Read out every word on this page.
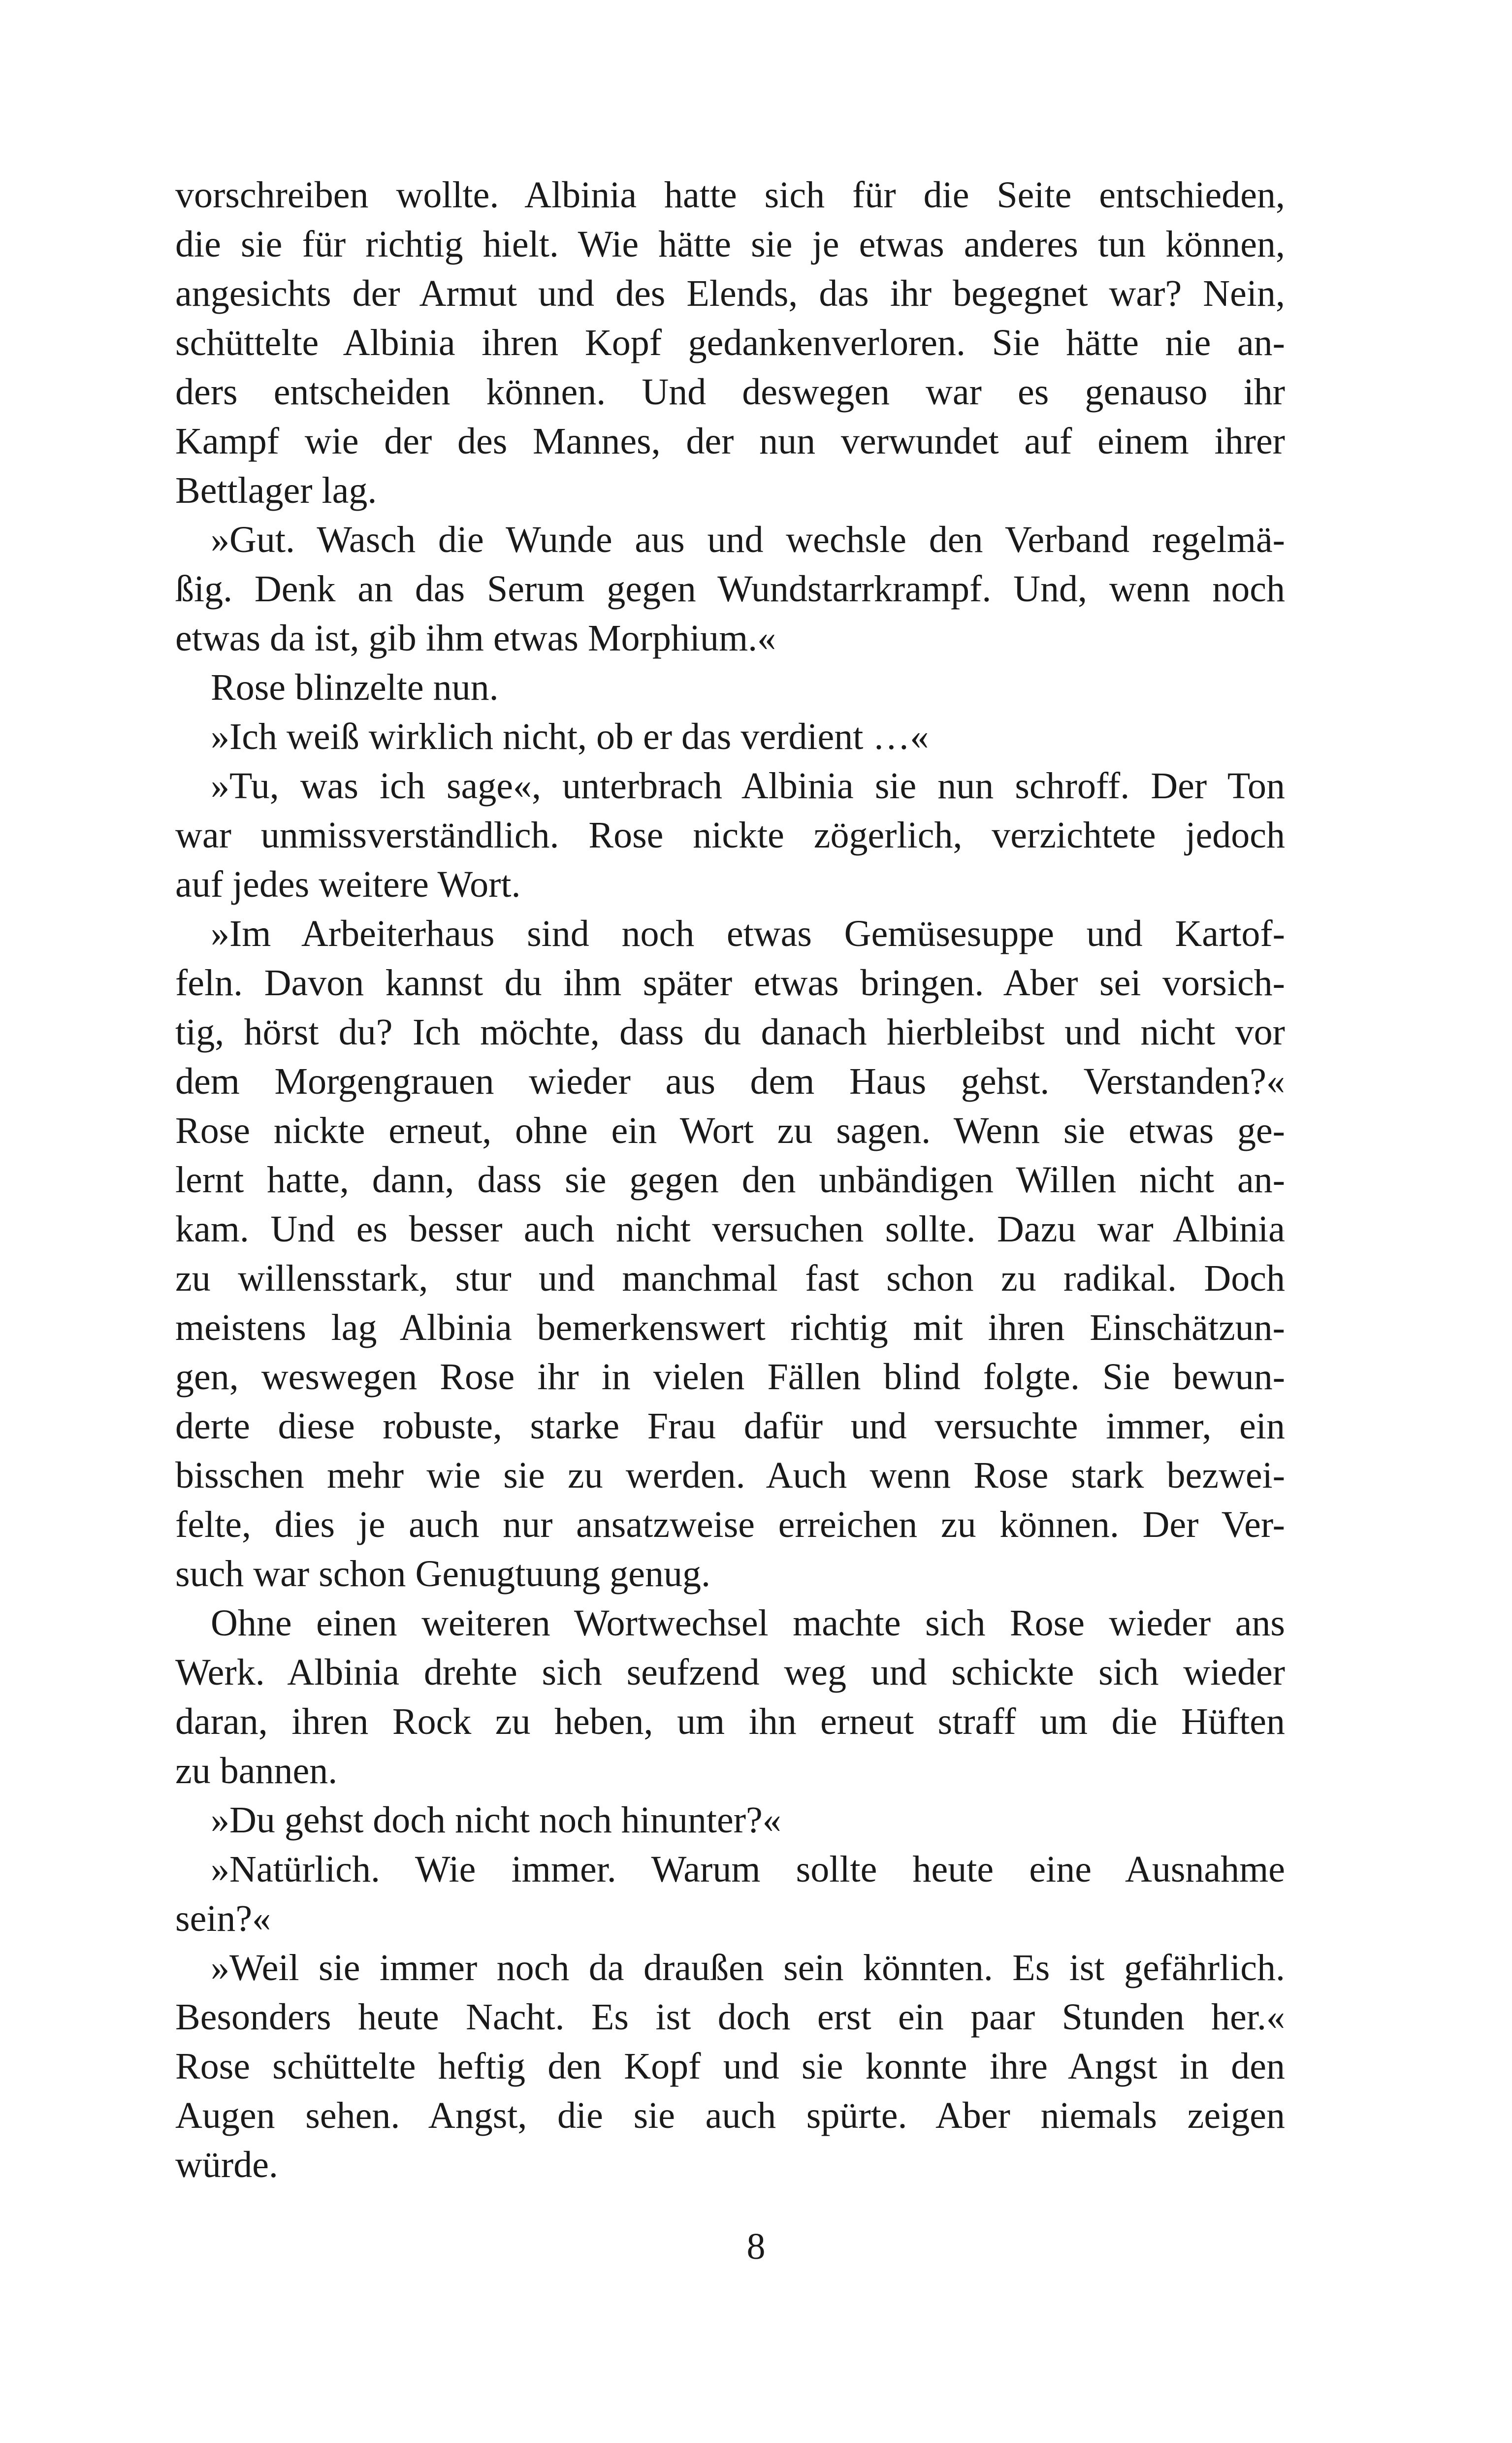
vorschreiben wollte. Albinia hatte sich für die Seite entschieden,
die sie für richtig hielt. Wie hätte sie je etwas anderes tun können,
angesichts der Armut und des Elends, das ihr begegnet war? Nein,
schüttelte Albinia ihren Kopf gedankenverloren. Sie hätte nie an-
ders entscheiden können. Und deswegen war es genauso ihr
Kampf wie der des Mannes, der nun verwundet auf einem ihrer
Bettlager lag.
»Gut. Wasch die Wunde aus und wechsle den Verband regelmä-
ßig. Denk an das Serum gegen Wundstarrkrampf. Und, wenn noch
etwas da ist, gib ihm etwas Morphium.«
Rose blinzelte nun.
»Ich weiß wirklich nicht, ob er das verdient …«
»Tu, was ich sage«, unterbrach Albinia sie nun schroff. Der Ton
war unmissverständlich. Rose nickte zögerlich, verzichtete jedoch
auf jedes weitere Wort.
»Im Arbeiterhaus sind noch etwas Gemüsesuppe und Kartof-
feln. Davon kannst du ihm später etwas bringen. Aber sei vorsich-
tig, hörst du? Ich möchte, dass du danach hierbleibst und nicht vor
dem Morgengrauen wieder aus dem Haus gehst. Verstanden?«
Rose nickte erneut, ohne ein Wort zu sagen. Wenn sie etwas ge-
lernt hatte, dann, dass sie gegen den unbändigen Willen nicht an-
kam. Und es besser auch nicht versuchen sollte. Dazu war Albinia
zu willensstark, stur und manchmal fast schon zu radikal. Doch
meistens lag Albinia bemerkenswert richtig mit ihren Einschätzun-
gen, weswegen Rose ihr in vielen Fällen blind folgte. Sie bewun-
derte diese robuste, starke Frau dafür und versuchte immer, ein
bisschen mehr wie sie zu werden. Auch wenn Rose stark bezwei-
felte, dies je auch nur ansatzweise erreichen zu können. Der Ver-
such war schon Genugtuung genug.
Ohne einen weiteren Wortwechsel machte sich Rose wieder ans
Werk. Albinia drehte sich seufzend weg und schickte sich wieder
daran, ihren Rock zu heben, um ihn erneut straff um die Hüften
zu bannen.
»Du gehst doch nicht noch hinunter?«
»Natürlich. Wie immer. Warum sollte heute eine Ausnahme
sein?«
»Weil sie immer noch da draußen sein könnten. Es ist gefährlich.
Besonders heute Nacht. Es ist doch erst ein paar Stunden her.«
Rose schüttelte heftig den Kopf und sie konnte ihre Angst in den
Augen sehen. Angst, die sie auch spürte. Aber niemals zeigen
würde.
8
